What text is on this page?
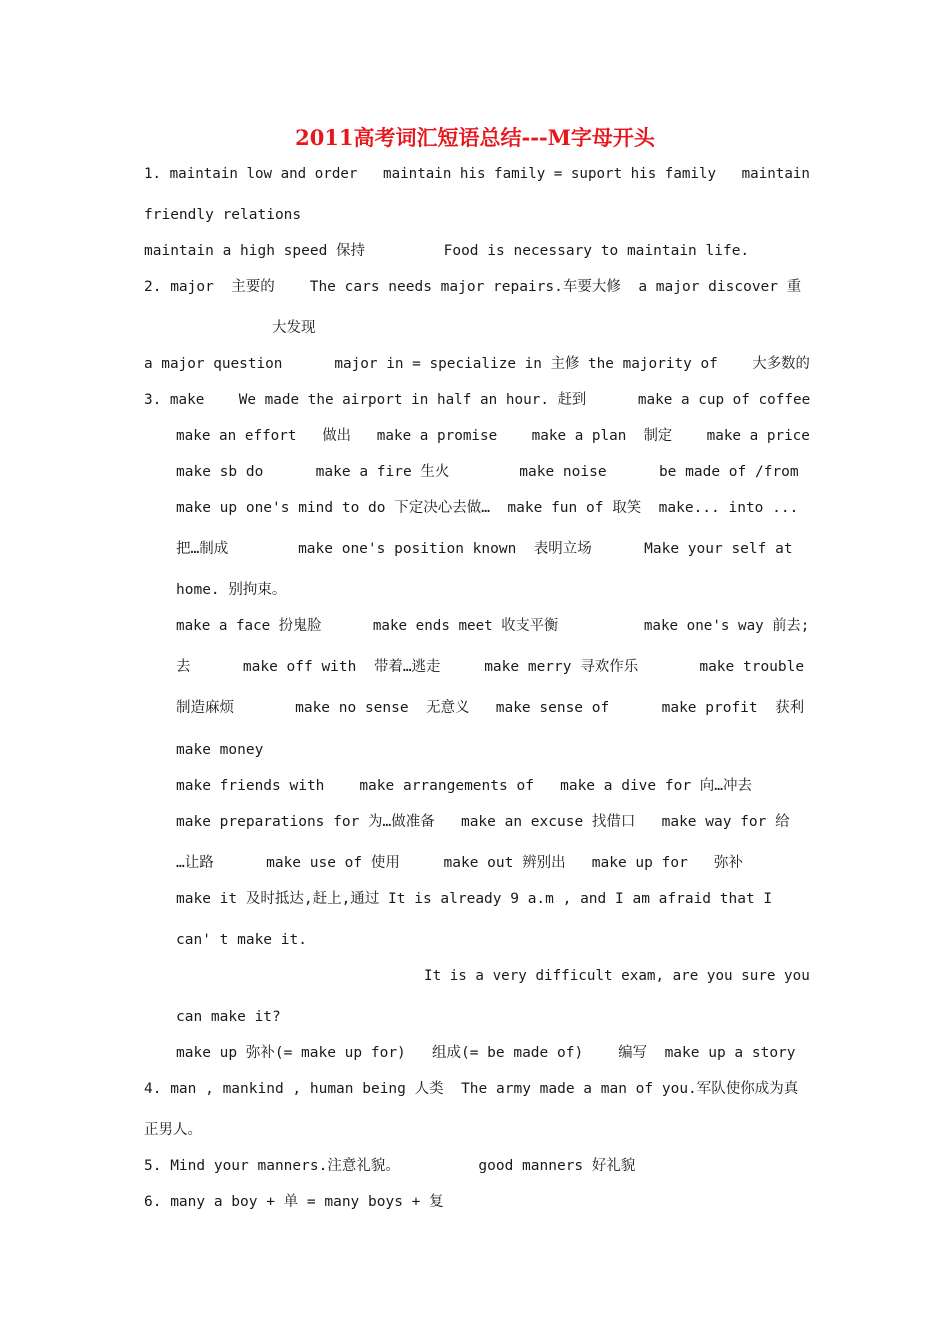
2011高考词汇短语总结---M字母开头
1. maintain low and order   maintain his family = suport his family   maintain
friendly relations
maintain a high speed 保持         Food is necessary to maintain life.
2. major  主要的    The cars needs major repairs.车要大修  a major discover 重
大发现
a major question      major in = specialize in 主修 the majority of    大多数的
3. make    We made the airport in half an hour. 赶到      make a cup of coffee
make an effort   做出   make a promise    make a plan  制定    make a price
make sb do      make a fire 生火        make noise      be made of /from
make up one's mind to do 下定决心去做…  make fun of 取笑  make... into ...
把…制成        make one's position known  表明立场      Make your self at
home. 别拘束。
make a face 扮鬼脸      make ends meet 收支平衡          make one's way 前去;
去      make off with  带着…逃走     make merry 寻欢作乐       make trouble
制造麻烦       make no sense  无意义   make sense of      make profit  获利
make money
make friends with    make arrangements of   make a dive for 向…冲去
make preparations for 为…做准备   make an excuse 找借口   make way for 给
…让路      make use of 使用     make out 辨别出   make up for   弥补
make it 及时抵达,赶上,通过 It is already 9 a.m , and I am afraid that I
can' t make it.
It is a very difficult exam, are you sure you
can make it?
make up 弥补(= make up for)   组成(= be made of)    编写  make up a story
4. man , mankind , human being 人类  The army made a man of you.军队使你成为真
正男人。
5. Mind your manners.注意礼貌。         good manners 好礼貌
6. many a boy + 单 = many boys + 复
